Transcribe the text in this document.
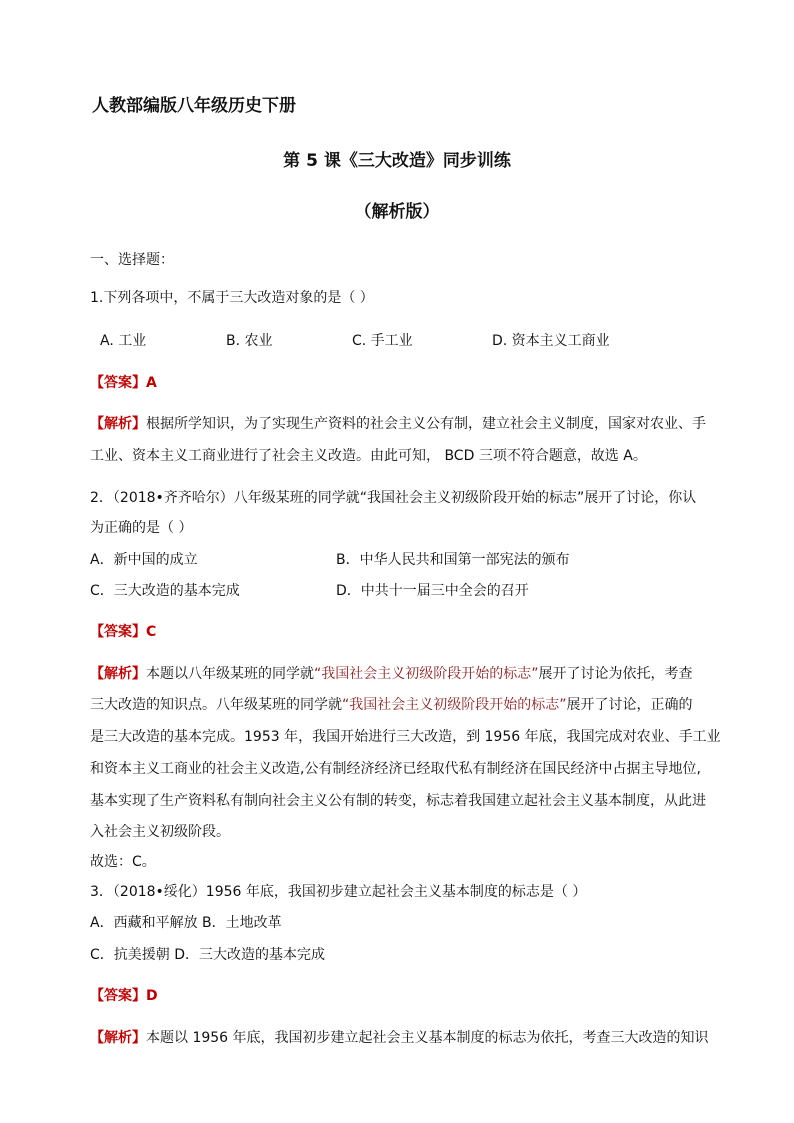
人教部编版八年级历史下册
第 5 课《三大改造》同步训练
（解析版）
一、选择题：
1.下列各项中，不属于三大改造对象的是（ ）
A. 工业	B. 农业	C. 手工业	D. 资本主义工商业
【答案】A
【解析】根据所学知识，为了实现生产资料的社会主义公有制，建立社会主义制度，国家对农业、手
工业、资本主义工商业进行了社会主义改造。由此可知， BCD 三项不符合题意，故选 A。
2．（2018•齐齐哈尔）八年级某班的同学就“我国社会主义初级阶段开始的标志”展开了讨论，你认
为正确的是（ ）
A．新中国的成立	B．中华人民共和国第一部宪法的颁布
C．三大改造的基本完成	D．中共十一届三中全会的召开
【答案】C
【解析】本题以八年级某班的同学就“我国社会主义初级阶段开始的标志”展开了讨论为依托，考查
三大改造的知识点。八年级某班的同学就“我国社会主义初级阶段开始的标志”展开了讨论，正确的
是三大改造的基本完成。1953 年，我国开始进行三大改造，到 1956 年底，我国完成对农业、手工业
和资本主义工商业的社会主义改造,公有制经济经济已经取代私有制经济在国民经济中占据主导地位,
基本实现了生产资料私有制向社会主义公有制的转变，标志着我国建立起社会主义基本制度，从此进
入社会主义初级阶段。
故选：C。
3．（2018•绥化）1956 年底，我国初步建立起社会主义基本制度的标志是（ ）
A．西藏和平解放 B．土地改革
C．抗美援朝 D．三大改造的基本完成
【答案】D
【解析】本题以 1956 年底，我国初步建立起社会主义基本制度的标志为依托，考查三大改造的知识
